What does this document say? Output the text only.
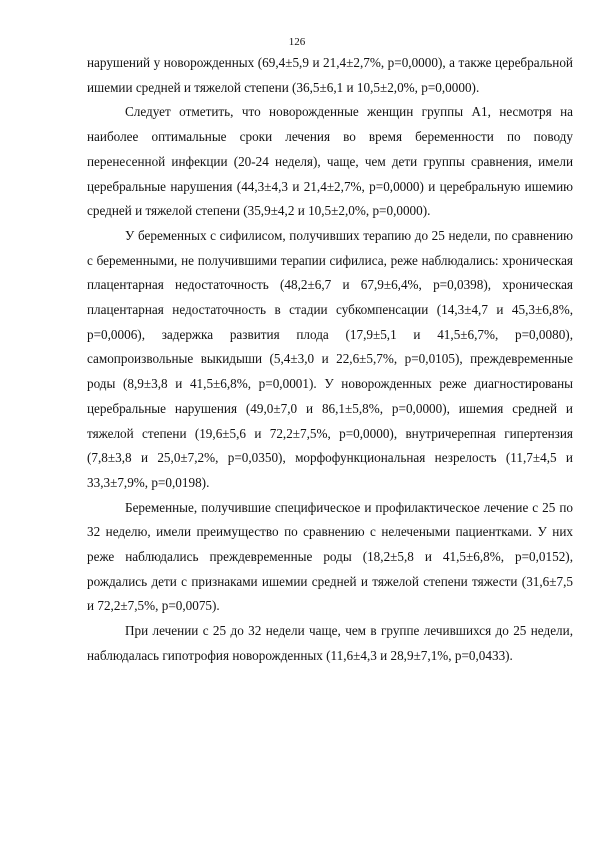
126

нарушений у новорожденных (69,4±5,9 и 21,4±2,7%, р=0,0000), а также церебральной ишемии средней и тяжелой степени (36,5±6,1 и 10,5±2,0%, р=0,0000).

Следует отметить, что новорожденные женщин группы А1, несмотря на наиболее оптимальные сроки лечения во время беременности по поводу перенесенной инфекции (20-24 неделя), чаще, чем дети группы сравнения, имели церебральные нарушения (44,3±4,3 и 21,4±2,7%, р=0,0000) и церебральную ишемию средней и тяжелой степени (35,9±4,2 и 10,5±2,0%, р=0,0000).

У беременных с сифилисом, получивших терапию до 25 недели, по сравнению с беременными, не получившими терапии сифилиса, реже наблюдались: хроническая плацентарная недостаточность (48,2±6,7 и 67,9±6,4%, р=0,0398), хроническая плацентарная недостаточность в стадии субкомпенсации (14,3±4,7 и 45,3±6,8%, р=0,0006), задержка развития плода (17,9±5,1 и 41,5±6,7%, р=0,0080), самопроизвольные выкидыши (5,4±3,0 и 22,6±5,7%, р=0,0105), преждевременные роды (8,9±3,8 и 41,5±6,8%, р=0,0001). У новорожденных реже диагностированы церебральные нарушения (49,0±7,0 и 86,1±5,8%, р=0,0000), ишемия средней и тяжелой степени (19,6±5,6 и 72,2±7,5%, р=0,0000), внутричерепная гипертензия (7,8±3,8 и 25,0±7,2%, р=0,0350), морфофункциональная незрелость (11,7±4,5 и 33,3±7,9%, р=0,0198).

Беременные, получившие специфическое и профилактическое лечение с 25 по 32 неделю, имели преимущество по сравнению с нелечеными пациентками. У них реже наблюдались преждевременные роды (18,2±5,8 и 41,5±6,8%, р=0,0152), рождались дети с признаками ишемии средней и тяжелой степени тяжести (31,6±7,5 и 72,2±7,5%, р=0,0075).

При лечении с 25 до 32 недели чаще, чем в группе лечившихся до 25 недели, наблюдалась гипотрофия новорожденных (11,6±4,3 и 28,9±7,1%, р=0,0433).
